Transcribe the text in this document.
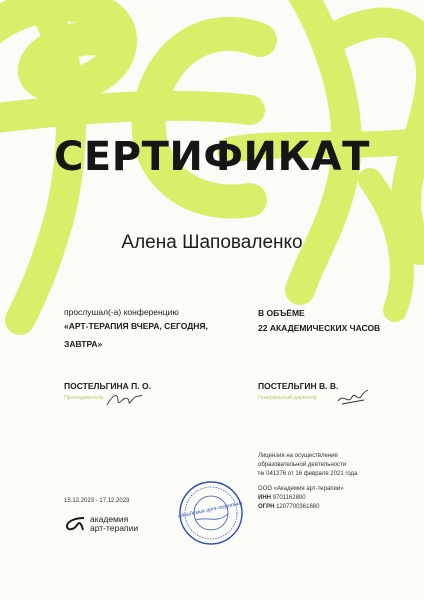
СЕРТИФИКАТ
Алена Шаповаленко
прослушал(-а) конференцию
«АРТ-ТЕРАПИЯ ВЧЕРА, СЕГОДНЯ,
ЗАВТРА»
В ОБЪЁМЕ
22 АКАДЕМИЧЕСКИХ ЧАСОВ
ПОСТЕЛЬГИНА П. О.
Преподаватель
ПОСТЕЛЬГИН В. В.
Генеральный директор
15.12.2023 - 17.12.2023
академия
арт-терапии
«Академия арт-терапии»
Лицензия на осуществление
образовательной деятельности
№ 041276 от 16 февраля 2021 года
ООО «Академия арт-терапии»
ИНН 9701162800
ОГРН 1207700361660
